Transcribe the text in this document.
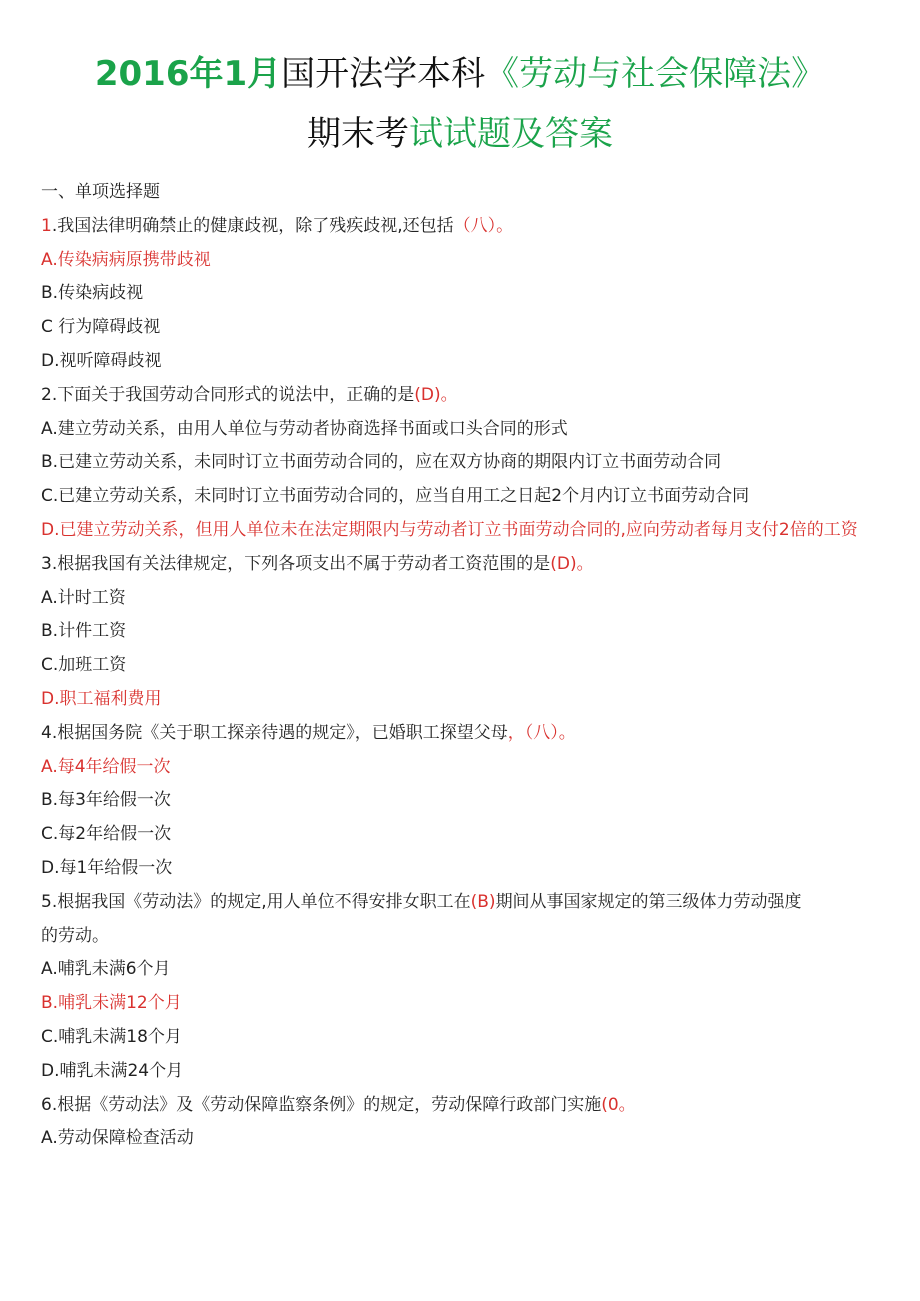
2016年1月国开法学本科《劳动与社会保障法》
期末考试试题及答案
一、单项选择题
1.我国法律明确禁止的健康歧视，除了残疾歧视,还包括（八）。
A.传染病病原携带歧视
B.传染病歧视
C 行为障碍歧视
D.视听障碍歧视
2.下面关于我国劳动合同形式的说法中，正确的是(D)。
A.建立劳动关系，由用人单位与劳动者协商选择书面或口头合同的形式
B.已建立劳动关系，未同时订立书面劳动合同的，应在双方协商的期限内订立书面劳动合同
C.已建立劳动关系，未同时订立书面劳动合同的，应当自用工之日起2个月内订立书面劳动合同
D.已建立劳动关系，但用人单位未在法定期限内与劳动者订立书面劳动合同的,应向劳动者每月支付2倍的工资
3.根据我国有关法律规定，下列各项支出不属于劳动者工资范围的是(D)。
A.计时工资
B.计件工资
C.加班工资
D.职工福利费用
4.根据国务院《关于职工探亲待遇的规定》，已婚职工探望父母，（八）。
A.每4年给假一次
B.每3年给假一次
C.每2年给假一次
D.每1年给假一次
5.根据我国《劳动法》的规定,用人单位不得安排女职工在(B)期间从事国家规定的第三级体力劳动强度
的劳动。
A.哺乳未满6个月
B.哺乳未满12个月
C.哺乳未满18个月
D.哺乳未满24个月
6.根据《劳动法》及《劳动保障监察条例》的规定，劳动保障行政部门实施(0。
A.劳动保障检查活动
